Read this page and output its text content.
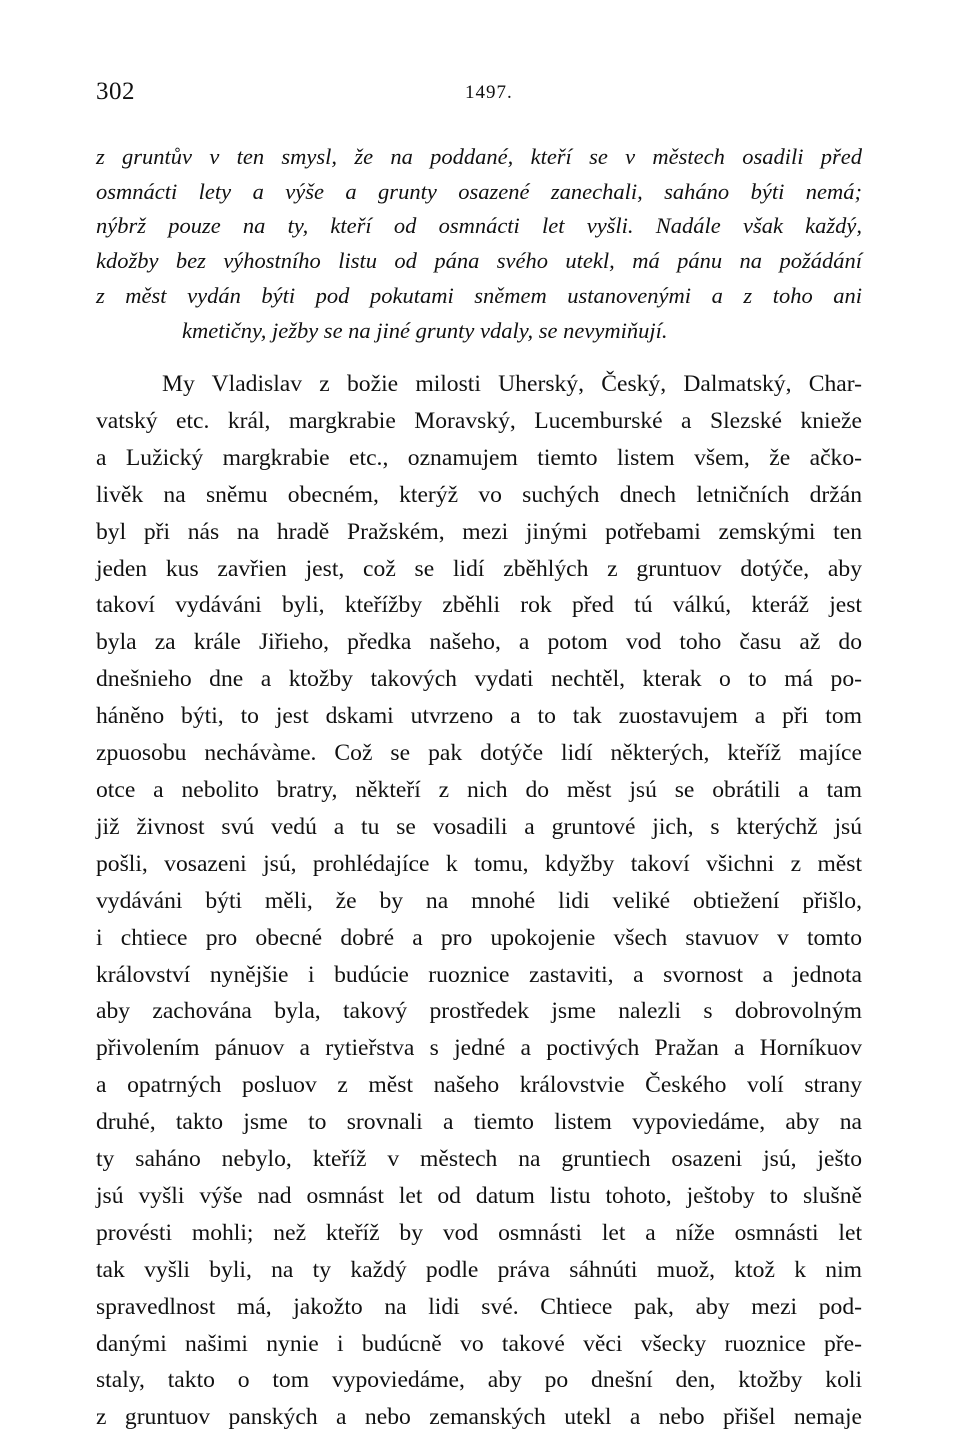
302	1497.
z gruntův v ten smysl, že na poddané, kteří se v městech osadili před
osmnácti lety a výše a grunty osazené zanechali, saháno býti nemá;
nýbrž pouze na ty, kteří od osmnácti let vyšli. Nadále však každý,
kdožby bez výhostního listu od pána svého utekl, má pánu na požádání
z měst vydán býti pod pokutami sněmem ustanovenými a z toho ani
kmetičny, ježby se na jiné grunty vdaly, se nevymiňují.
My Vladislav z božie milosti Uherský, Český, Dalmatský, Char-
vatský etc. král, margkrabie Moravský, Lucemburské a Slezské knieže
a Lužický margkrabie etc., oznamujem tiemto listem všem, že ačko-
livěk na sněmu obecném, kterýž vo suchých dnech letničních držán
byl při nás na hradě Pražském, mezi jinými potřebami zemskými ten
jeden kus zavřien jest, což se lidí zběhlých z gruntuov dotýče, aby
takoví vydáváni byli, kteřížby zběhli rok před tú válkú, kteráž jest
byla za krále Jiřieho, předka našeho, a potom vod toho času až do
dnešnieho dne a ktožby takových vydati nechtěl, kterak o to má po-
háněno býti, to jest dskami utvrzeno a to tak zuostavujem a při tom
zpuosobu nechávàme. Což se pak dotýče lidí některých, kteříž majíce
otce a nebolito bratry, někteří z nich do měst jsú se obrátili a tam
již živnost svú vedú a tu se vosadili a gruntové jich, s kterýchž jsú
pošli, vosazeni jsú, prohlédajíce k tomu, kdyžby takoví všichni z měst
vydáváni býti měli, že by na mnohé lidi veliké obtiežení přišlo,
i chtiece pro obecné dobré a pro upokojenie všech stavuov v tomto
království nynějšie i budúcie ruoznice zastaviti, a svornost a jednota
aby zachována byla, takový prostředek jsme nalezli s dobrovolným
přivolením pánuov a rytieřstva s jedné a poctivých Pražan a Horníkuov
a opatrných posluov z měst našeho královstvie Českého volí strany
druhé, takto jsme to srovnali a tiemto listem vypoviedáme, aby na
ty saháno nebylo, kteříž v městech na gruntiech osazeni jsú, ješto
jsú vyšli výše nad osmnást let od datum listu tohoto, ještoby to slušně
provésti mohli; než kteříž by vod osmnásti let a níže osmnásti let
tak vyšli byli, na ty každý podle práva sáhnúti muož, ktož k nim
spravedlnost má, jakožto na lidi své. Chtiece pak, aby mezi pod-
danými našimi nynie i budúcně vo takové věci všecky ruoznice pře-
staly, takto o tom vypoviedáme, aby po dnešní den, ktožby koli
z gruntuov panských a nebo zemanských utekl a nebo přišel nemaje
